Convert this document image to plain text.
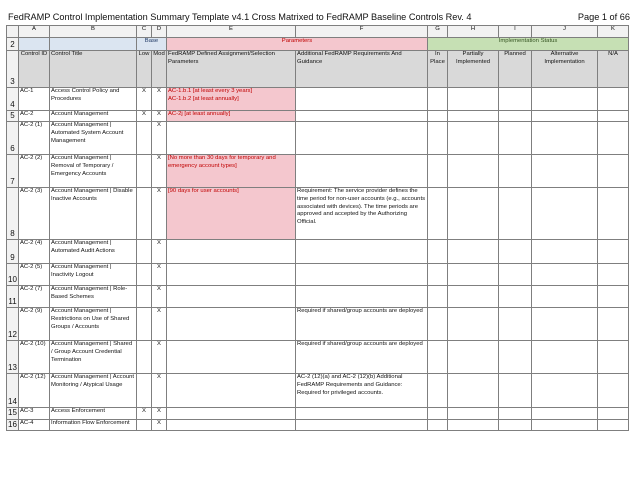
FedRAMP Control Implementation Summary Template v4.1 Cross Matrixed to FedRAMP Baseline Controls Rev. 4	Page 1 of 66
	A	B	C	D	E	F	G	H	I	J	K
2			Base		Parameters		Implementation Status				
3	Control ID	Control Title	Low	Mod	FedRAMP Defined Assignment/Selection Parameters	Additional FedRAMP Requirements And Guidance	In Place	Partially Implemented	Planned	Alternative Implementation	N/A
4	AC-1	Access Control Policy and Procedures	X	X	AC-1.b.1 [at least every 3 years]
AC-1.b.2 [at least annually]						
5	AC-2	Account Management	X	X	AC-2j [at least annually]						
6	AC-2 (1)	Account Management | Automated System Account Management		X							
7	AC-2 (2)	Account Management | Removal of Temporary / Emergency Accounts		X	[No more than 30 days for temporary and emergency account types]						
8	AC-2 (3)	Account Management | Disable Inactive Accounts		X	[90 days for user accounts]	Requirement: The service provider defines the time period for non-user accounts (e.g., accounts associated with devices). The time periods are approved and accepted by the Authorizing Official.					
9	AC-2 (4)	Account Management | Automated Audit Actions		X							
10	AC-2 (5)	Account Management | Inactivity Logout		X							
11	AC-2 (7)	Account Management | Role-Based Schemes		X							
12	AC-2 (9)	Account Management | Restrictions on Use of Shared Groups / Accounts		X		Required if shared/group accounts are deployed					
13	AC-2 (10)	Account Management | Shared / Group Account Credential Termination		X		Required if shared/group accounts are deployed					
14	AC-2 (12)	Account Management | Account Monitoring / Atypical Usage		X		AC-2 (12)(a) and AC-2 (12)(b) Additional FedRAMP Requirements and Guidance: Required for privileged accounts.					
15	AC-3	Access Enforcement	X	X							
16	AC-4	Information Flow Enforcement		X							
